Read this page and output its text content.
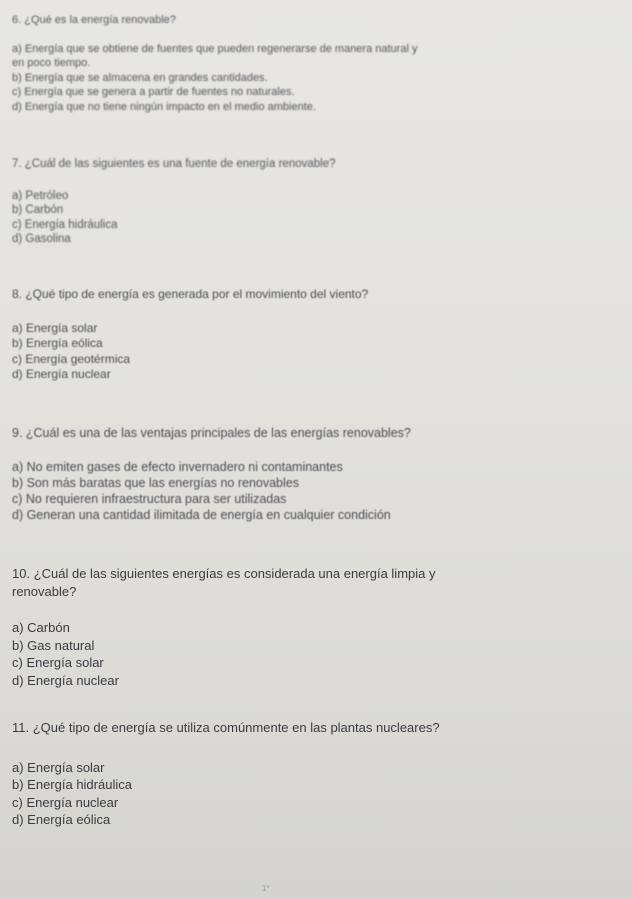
6. ¿Qué es la energía renovable?
a) Energía que se obtiene de fuentes que pueden regenerarse de manera natural y
en poco tiempo.
b) Energía que se almacena en grandes cantidades.
c) Energía que se genera a partir de fuentes no naturales.
d) Energía que no tiene ningún impacto en el medio ambiente.
7. ¿Cuál de las siguientes es una fuente de energía renovable?
a) Petróleo
b) Carbón
c) Energía hidráulica
d) Gasolina
8. ¿Qué tipo de energía es generada por el movimiento del viento?
a) Energía solar
b) Energía eólica
c) Energía geotérmica
d) Energía nuclear
9. ¿Cuál es una de las ventajas principales de las energías renovables?
a) No emiten gases de efecto invernadero ni contaminantes
b) Son más baratas que las energías no renovables
c) No requieren infraestructura para ser utilizadas
d) Generan una cantidad ilimitada de energía en cualquier condición
10. ¿Cuál de las siguientes energías es considerada una energía limpia y
renovable?
a) Carbón
b) Gas natural
c) Energía solar
d) Energía nuclear
11. ¿Qué tipo de energía se utiliza comúnmente en las plantas nucleares?
a) Energía solar
b) Energía hidráulica
c) Energía nuclear
d) Energía eólica
1*
